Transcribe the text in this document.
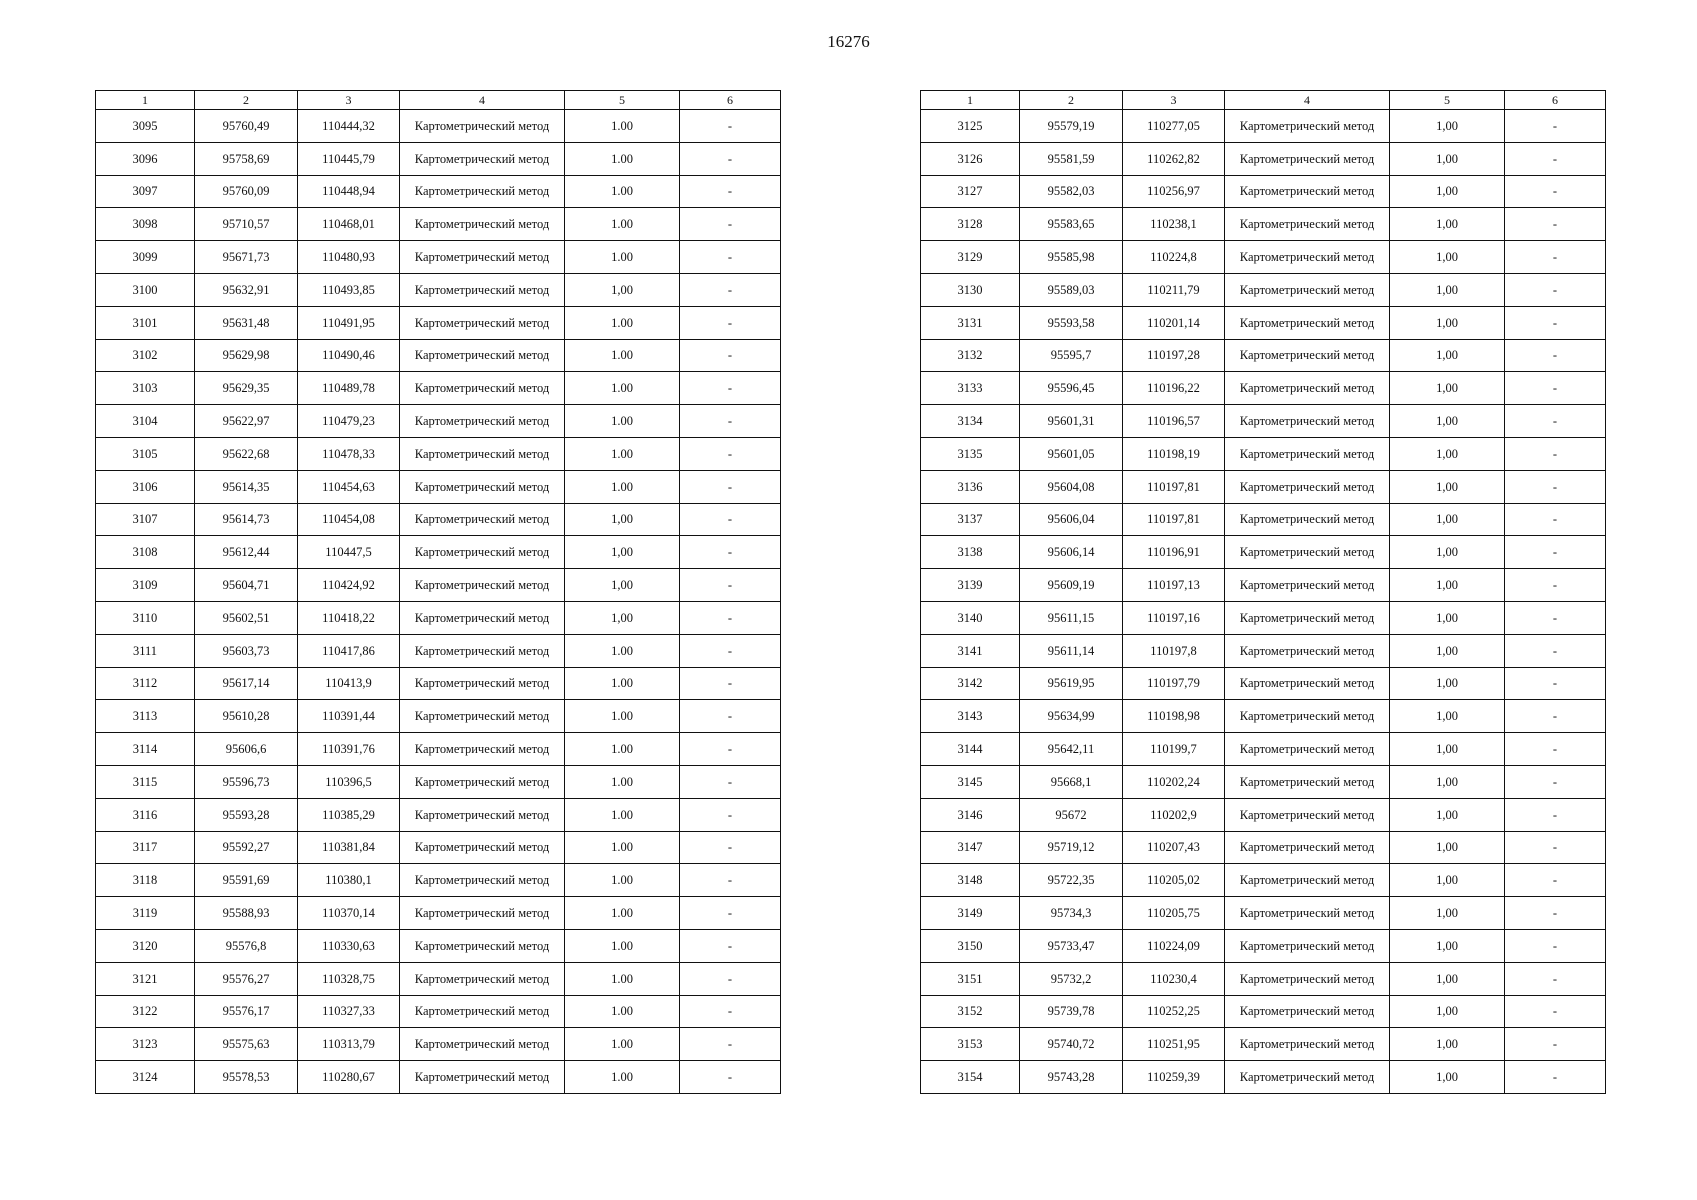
16276
1	2	3	4	5	6
3095	95760,49	110444,32	Картометрический метод	1.00	-
3096	95758,69	110445,79	Картометрический метод	1.00	-
3097	95760,09	110448,94	Картометрический метод	1.00	-
3098	95710,57	110468,01	Картометрический метод	1.00	-
3099	95671,73	110480,93	Картометрический метод	1.00	-
3100	95632,91	110493,85	Картометрический метод	1,00	-
3101	95631,48	110491,95	Картометрический метод	1.00	-
3102	95629,98	110490,46	Картометрический метод	1.00	-
3103	95629,35	110489,78	Картометрический метод	1.00	-
3104	95622,97	110479,23	Картометрический метод	1.00	-
3105	95622,68	110478,33	Картометрический метод	1.00	-
3106	95614,35	110454,63	Картометрический метод	1.00	-
3107	95614,73	110454,08	Картометрический метод	1,00	-
3108	95612,44	110447,5	Картометрический метод	1,00	-
3109	95604,71	110424,92	Картометрический метод	1,00	-
3110	95602,51	110418,22	Картометрический метод	1,00	-
3111	95603,73	110417,86	Картометрический метод	1.00	-
3112	95617,14	110413,9	Картометрический метод	1.00	-
3113	95610,28	110391,44	Картометрический метод	1.00	-
3114	95606,6	110391,76	Картометрический метод	1.00	-
3115	95596,73	110396,5	Картометрический метод	1.00	-
3116	95593,28	110385,29	Картометрический метод	1.00	-
3117	95592,27	110381,84	Картометрический метод	1.00	-
3118	95591,69	110380,1	Картометрический метод	1.00	-
3119	95588,93	110370,14	Картометрический метод	1.00	-
3120	95576,8	110330,63	Картометрический метод	1.00	-
3121	95576,27	110328,75	Картометрический метод	1.00	-
3122	95576,17	110327,33	Картометрический метод	1.00	-
3123	95575,63	110313,79	Картометрический метод	1.00	-
3124	95578,53	110280,67	Картометрический метод	1.00	-
1	2	3	4	5	6
3125	95579,19	110277,05	Картометрический метод	1,00	-
3126	95581,59	110262,82	Картометрический метод	1,00	-
3127	95582,03	110256,97	Картометрический метод	1,00	-
3128	95583,65	110238,1	Картометрический метод	1,00	-
3129	95585,98	110224,8	Картометрический метод	1,00	-
3130	95589,03	110211,79	Картометрический метод	1,00	-
3131	95593,58	110201,14	Картометрический метод	1,00	-
3132	95595,7	110197,28	Картометрический метод	1,00	-
3133	95596,45	110196,22	Картометрический метод	1,00	-
3134	95601,31	110196,57	Картометрический метод	1,00	-
3135	95601,05	110198,19	Картометрический метод	1,00	-
3136	95604,08	110197,81	Картометрический метод	1,00	-
3137	95606,04	110197,81	Картометрический метод	1,00	-
3138	95606,14	110196,91	Картометрический метод	1,00	-
3139	95609,19	110197,13	Картометрический метод	1,00	-
3140	95611,15	110197,16	Картометрический метод	1,00	-
3141	95611,14	110197,8	Картометрический метод	1,00	-
3142	95619,95	110197,79	Картометрический метод	1,00	-
3143	95634,99	110198,98	Картометрический метод	1,00	-
3144	95642,11	110199,7	Картометрический метод	1,00	-
3145	95668,1	110202,24	Картометрический метод	1,00	-
3146	95672	110202,9	Картометрический метод	1,00	-
3147	95719,12	110207,43	Картометрический метод	1,00	-
3148	95722,35	110205,02	Картометрический метод	1,00	-
3149	95734,3	110205,75	Картометрический метод	1,00	-
3150	95733,47	110224,09	Картометрический метод	1,00	-
3151	95732,2	110230,4	Картометрический метод	1,00	-
3152	95739,78	110252,25	Картометрический метод	1,00	-
3153	95740,72	110251,95	Картометрический метод	1,00	-
3154	95743,28	110259,39	Картометрический метод	1,00	-
